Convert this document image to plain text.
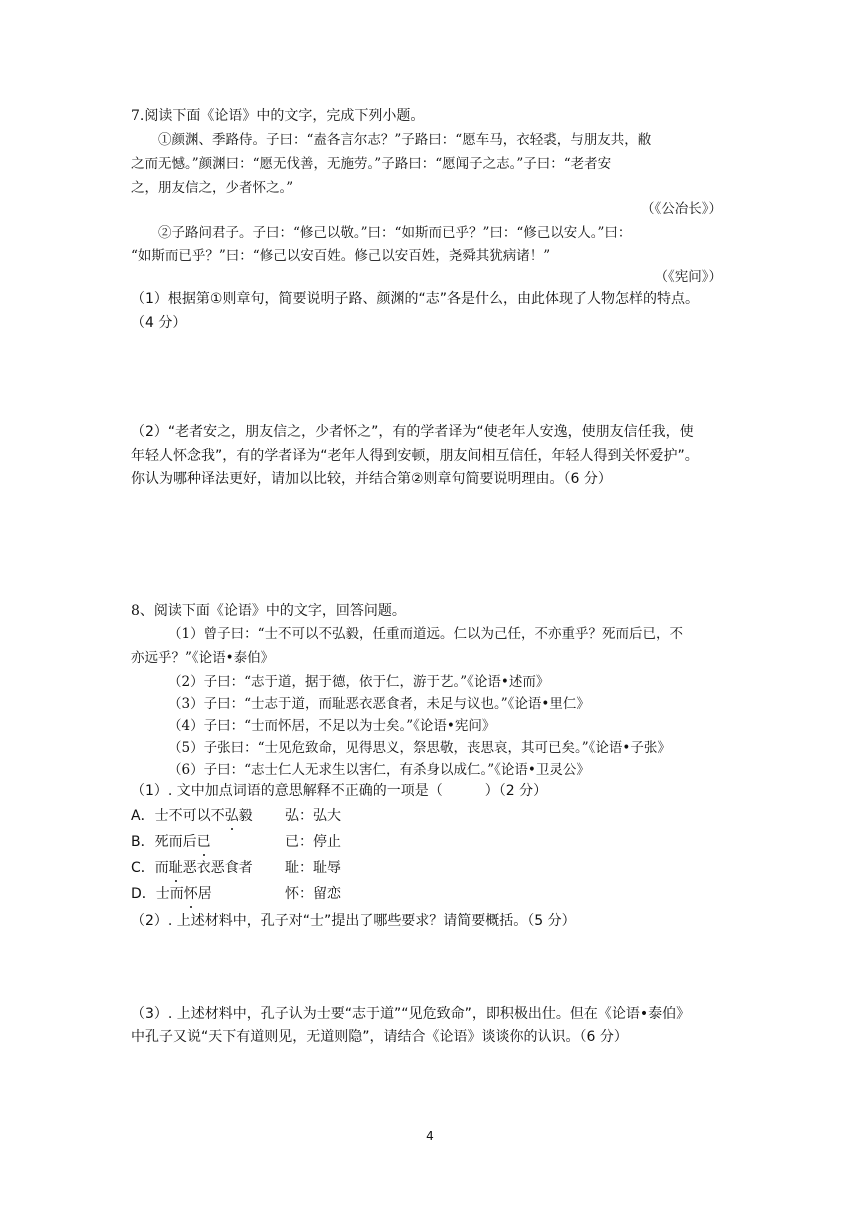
7.阅读下面《论语》中的文字，完成下列小题。
①颜渊、季路侍。子曰：“盍各言尔志？”子路曰：“愿车马，衣轻裘，与朋友共，敝
之而无憾。”颜渊曰：“愿无伐善，无施劳。”子路曰：“愿闻子之志。”子曰：“老者安
之，朋友信之，少者怀之。”
（《公冶长》）
②子路问君子。子曰：“修己以敬。”曰：“如斯而已乎？”曰：“修己以安人。”曰：
“如斯而已乎？”曰：“修己以安百姓。修己以安百姓，尧舜其犹病诸！”
（《宪问》）
（1）根据第①则章句，简要说明子路、颜渊的“志”各是什么，由此体现了人物怎样的特点。
（4 分）
（2）“老者安之，朋友信之，少者怀之”，有的学者译为“使老年人安逸，使朋友信任我，使
年轻人怀念我”，有的学者译为“老年人得到安顿，朋友间相互信任，年轻人得到关怀爱护”。
你认为哪种译法更好，请加以比较，并结合第②则章句简要说明理由。（6 分）
8、阅读下面《论语》中的文字，回答问题。
（1）曾子曰：“士不可以不弘毅，任重而道远。仁以为己任，不亦重乎？死而后已，不
亦远乎？”《论语•泰伯》
（2）子曰：“志于道，据于德，依于仁，游于艺。”《论语•述而》
（3）子曰：“士志于道，而耻恶衣恶食者，未足与议也。”《论语•里仁》
（4）子曰：“士而怀居，不足以为士矣。”《论语•宪问》
（5）子张曰：“士见危致命，见得思义，祭思敬，丧思哀，其可已矣。”《论语•子张》
（6）子曰：“志士仁人无求生以害仁，有杀身以成仁。”《论语•卫灵公》
（1）. 文中加点词语的意思解释不正确的一项是（　　　）（2 分）
A．士不可以不弘毅 弘：弘大
B．死而后已	已：停止
C．而耻恶衣恶食者 耻：耻辱
D．士而怀居	怀：留恋
（2）. 上述材料中，孔子对“士”提出了哪些要求？请简要概括。（5 分）
（3）. 上述材料中，孔子认为士要“志于道”“见危致命”，即积极出仕。但在《论语•泰伯》
中孔子又说“天下有道则见，无道则隐”，请结合《论语》谈谈你的认识。（6 分）
4
